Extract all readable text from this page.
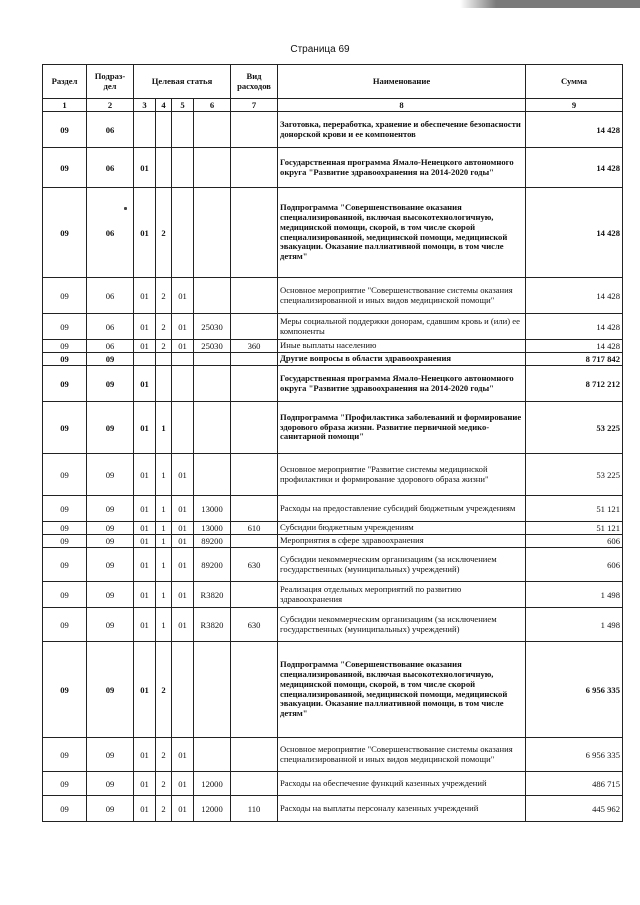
Страница 69
Раздел	Подраз-дел	Целевая статья				Вид расходов	Наименование	Сумма
1	2	3	4	5	6	7	8	9
09	06						Заготовка, переработка, хранение и обеспечение безопасности донорской крови и ее компонентов	14 428
09	06	01					Государственная программа Ямало-Ненецкого автономного округа "Развитие здравоохранения на 2014-2020 годы"	14 428
09	06	01	2				Подпрограмма "Совершенствование оказания специализированной, включая высокотехнологичную, медицинской помощи, скорой, в том числе скорой специализированной, медицинской помощи, медицинской эвакуации. Оказание паллиативной помощи, в том числе детям"	14 428
09	06	01	2	01			Основное мероприятие "Совершенствование системы оказания специализированной и иных видов медицинской помощи"	14 428
09	06	01	2	01	25030		Меры социальной поддержки донорам, сдавшим кровь и (или) ее компоненты	14 428
09	06	01	2	01	25030	360	Иные выплаты населению	14 428
09	09						Другие вопросы в области здравоохранения	8 717 842
09	09	01					Государственная программа Ямало-Ненецкого автономного округа "Развитие здравоохранения на 2014-2020 годы"	8 712 212
09	09	01	1				Подпрограмма "Профилактика заболеваний и формирование здорового образа жизни. Развитие первичной медико-санитарной помощи"	53 225
09	09	01	1	01			Основное мероприятие "Развитие системы медицинской профилактики и формирование здорового образа жизни"	53 225
09	09	01	1	01	13000		Расходы на предоставление субсидий бюджетным учреждениям	51 121
09	09	01	1	01	13000	610	Субсидии бюджетным учреждениям	51 121
09	09	01	1	01	89200		Мероприятия в сфере здравоохранения	606
09	09	01	1	01	89200	630	Субсидии некоммерческим организациям (за исключением государственных (муниципальных) учреждений)	606
09	09	01	1	01	R3820		Реализация отдельных мероприятий по развитию здравоохранения	1 498
09	09	01	1	01	R3820	630	Субсидии некоммерческим организациям (за исключением государственных (муниципальных) учреждений)	1 498
09	09	01	2				Подпрограмма "Совершенствование оказания специализированной, включая высокотехнологичную, медицинской помощи, скорой, в том числе скорой специализированной, медицинской помощи, медицинской эвакуации. Оказание паллиативной помощи, в том числе детям"	6 956 335
09	09	01	2	01			Основное мероприятие "Совершенствование системы оказания специализированной и иных видов медицинской помощи"	6 956 335
09	09	01	2	01	12000		Расходы на обеспечение функций казенных учреждений	486 715
09	09	01	2	01	12000	110	Расходы на выплаты персоналу казенных учреждений	445 962
